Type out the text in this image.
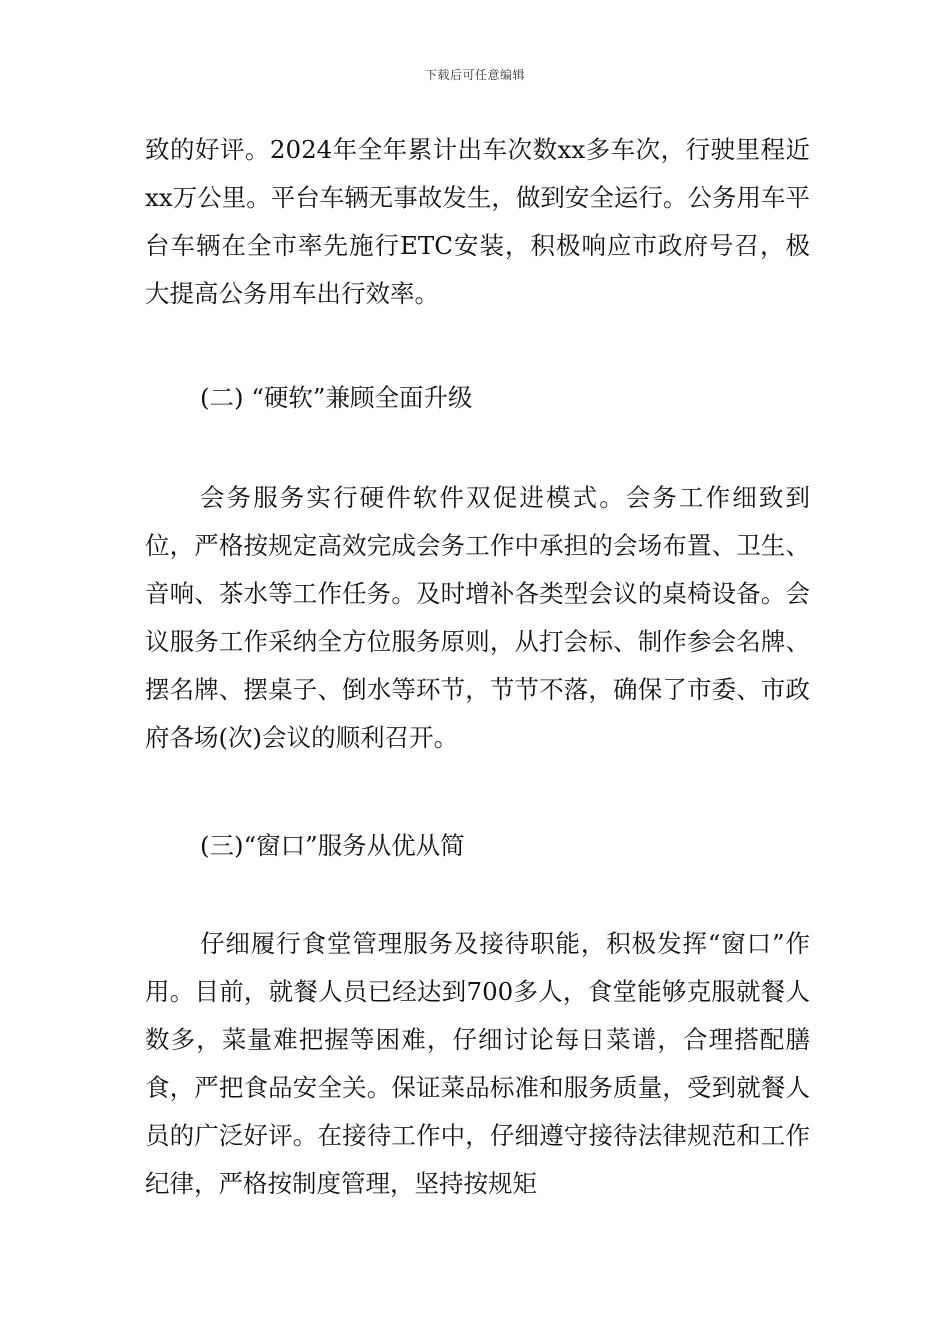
下载后可任意编辑

致的好评。2024年全年累计出车次数xx多车次，行驶里程近xx万公里。平台车辆无事故发生，做到安全运行。公务用车平台车辆在全市率先施行ETC安装，积极响应市政府号召，极大提高公务用车出行效率。

(二) “硬软”兼顾全面升级

会务服务实行硬件软件双促进模式。会务工作细致到位，严格按规定高效完成会务工作中承担的会场布置、卫生、音响、茶水等工作任务。及时增补各类型会议的桌椅设备。会议服务工作采纳全方位服务原则，从打会标、制作参会名牌、摆名牌、摆桌子、倒水等环节，节节不落，确保了市委、市政府各场(次)会议的顺利召开。

(三)“窗口”服务从优从简

仔细履行食堂管理服务及接待职能，积极发挥“窗口”作用。目前，就餐人员已经达到700多人，食堂能够克服就餐人数多，菜量难把握等困难，仔细讨论每日菜谱，合理搭配膳食，严把食品安全关。保证菜品标准和服务质量，受到就餐人员的广泛好评。在接待工作中，仔细遵守接待法律规范和工作纪律，严格按制度管理，坚持按规矩
